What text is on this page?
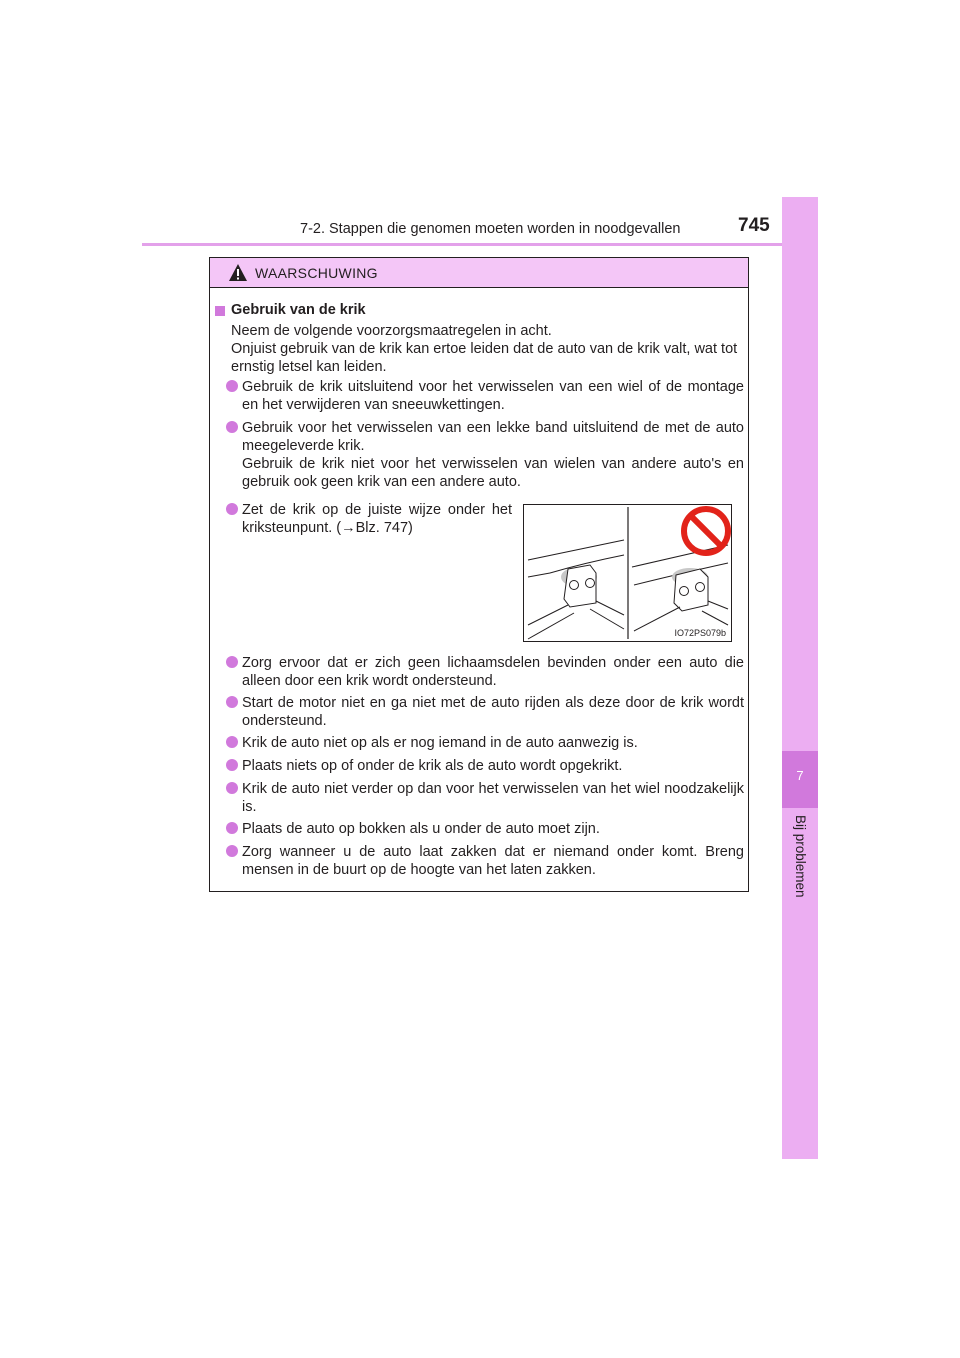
7-2. Stappen die genomen moeten worden in noodgevallen	745
7
Bij problemen
WAARSCHUWING
Gebruik van de krik
Neem de volgende voorzorgsmaatregelen in acht.
Onjuist gebruik van de krik kan ertoe leiden dat de auto van de krik valt, wat tot ernstig letsel kan leiden.
Gebruik de krik uitsluitend voor het verwisselen van een wiel of de montage en het verwijderen van sneeuwkettingen.
Gebruik voor het verwisselen van een lekke band uitsluitend de met de auto meegeleverde krik.
Gebruik de krik niet voor het verwisselen van wielen van andere auto's en gebruik ook geen krik van een andere auto.
Zet de krik op de juiste wijze onder het kriksteunpunt. (→Blz. 747)
IO72PS079b
Zorg ervoor dat er zich geen lichaamsdelen bevinden onder een auto die alleen door een krik wordt ondersteund.
Start de motor niet en ga niet met de auto rijden als deze door de krik wordt ondersteund.
Krik de auto niet op als er nog iemand in de auto aanwezig is.
Plaats niets op of onder de krik als de auto wordt opgekrikt.
Krik de auto niet verder op dan voor het verwisselen van het wiel noodzakelijk is.
Plaats de auto op bokken als u onder de auto moet zijn.
Zorg wanneer u de auto laat zakken dat er niemand onder komt. Breng mensen in de buurt op de hoogte van het laten zakken.
